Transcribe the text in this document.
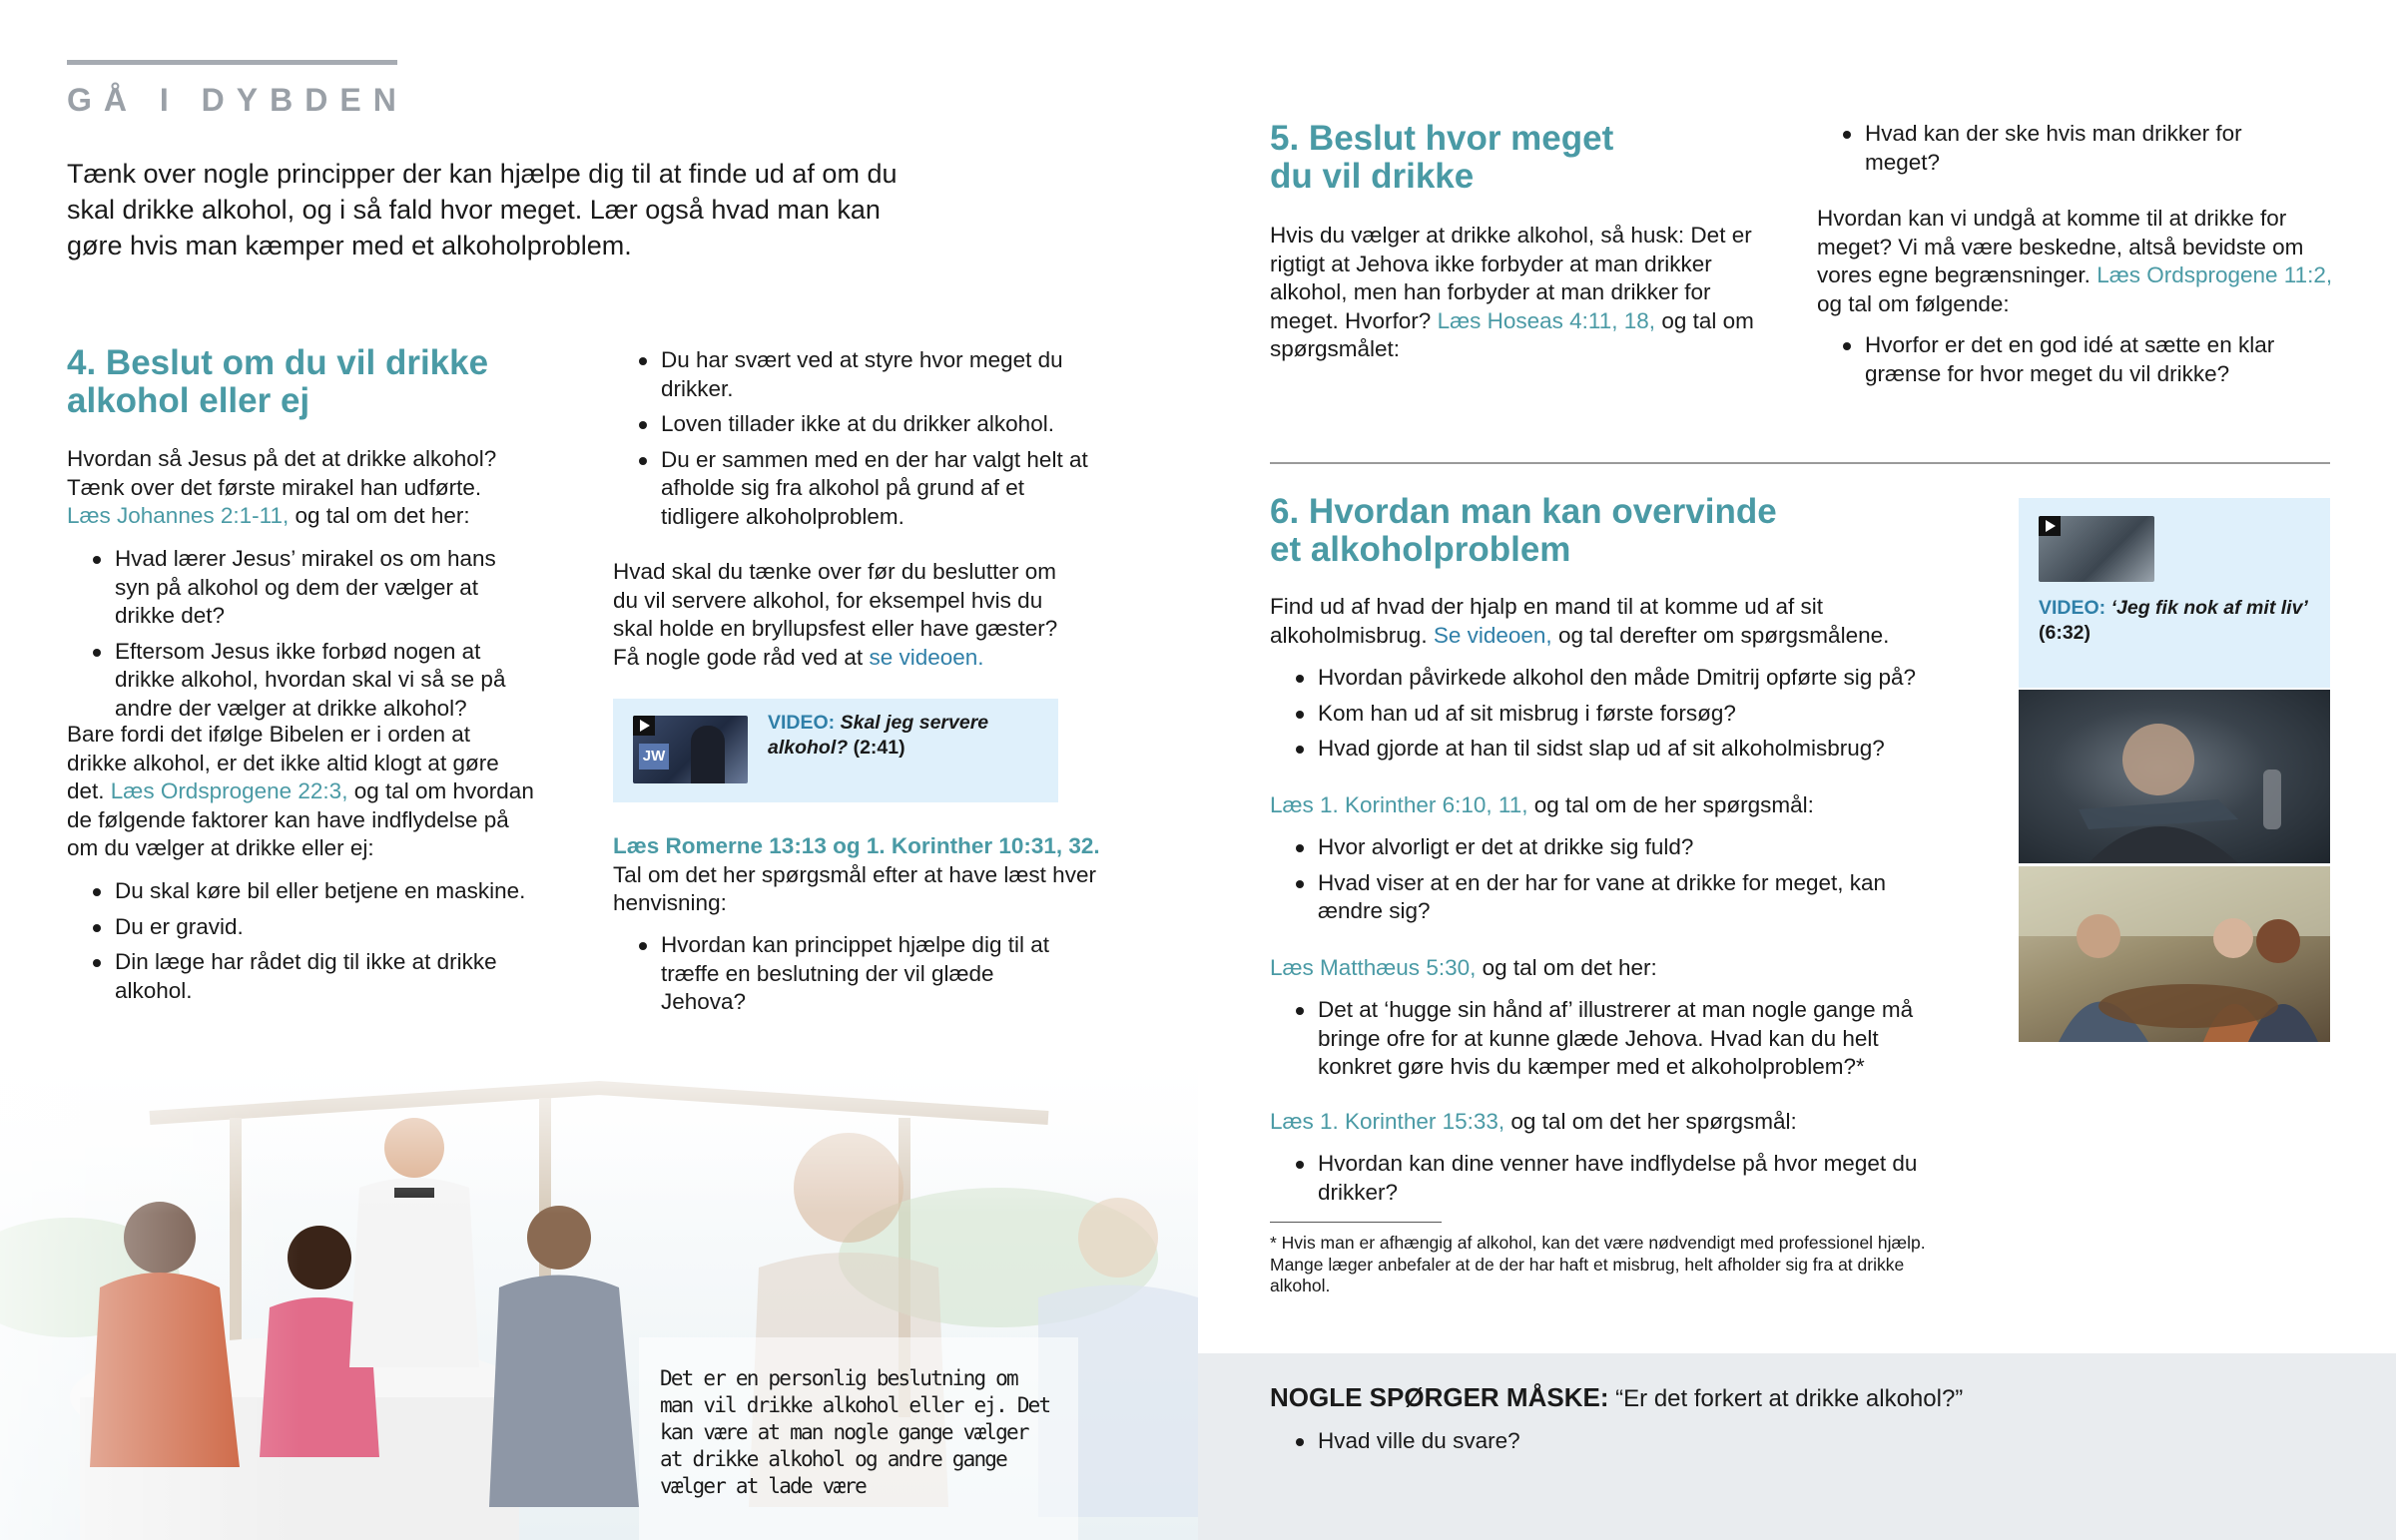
GÅ I DYBDEN

Tænk over nogle principper der kan hjælpe dig til at finde ud af om du skal drikke alkohol, og i så fald hvor meget. Lær også hvad man kan gøre hvis man kæmper med et alkoholproblem.

4. Beslut om du vil drikke
alkohol eller ej

Hvordan så Jesus på det at drikke alkohol? Tænk over det første mirakel han udførte. Læs Johannes 2:1-11, og tal om det her:

Hvad lærer Jesus’ mirakel os om hans syn på alkohol og dem der vælger at drikke det?
Eftersom Jesus ikke forbød nogen at drikke alkohol, hvordan skal vi så se på andre der vælger at drikke alkohol?

Bare fordi det ifølge Bibelen er i orden at drikke alkohol, er det ikke altid klogt at gøre det. Læs Ordsprogene 22:3, og tal om hvordan de følgende faktorer kan have indflydelse på om du vælger at drikke eller ej:

Du skal køre bil eller betjene en maskine.
Du er gravid.
Din læge har rådet dig til ikke at drikke alkohol.
Du har svært ved at styre hvor meget du drikker.
Loven tillader ikke at du drikker alkohol.
Du er sammen med en der har valgt helt at afholde sig fra alkohol på grund af et tidligere alkoholproblem.

Hvad skal du tænke over før du beslutter om du vil servere alkohol, for eksempel hvis du skal holde en bryllupsfest eller have gæster? Få nogle gode råd ved at se videoen.

JW
VIDEO: Skal jeg servere alkohol? (2:41)

Læs Romerne 13:13 og 1. Korinther 10:31, 32.
Tal om det her spørgsmål efter at have læst hver henvisning:

Hvordan kan princippet hjælpe dig til at træffe en beslutning der vil glæde Jehova?

Det er en personlig beslutning om man vil drikke alkohol eller ej. Det kan være at man nogle gange vælger at drikke alkohol og andre gange vælger at lade være

5. Beslut hvor meget
du vil drikke

Hvis du vælger at drikke alkohol, så husk: Det er rigtigt at Jehova ikke forbyder at man drikker alkohol, men han forbyder at man drikker for meget. Hvorfor? Læs Hoseas 4:11, 18, og tal om spørgsmålet:

Hvad kan der ske hvis man drikker for meget?

Hvordan kan vi undgå at komme til at drikke for meget? Vi må være beskedne, altså bevidste om vores egne begrænsninger. Læs Ordsprogene 11:2, og tal om følgende:

Hvorfor er det en god idé at sætte en klar grænse for hvor meget du vil drikke?
6. Hvordan man kan overvinde
et alkoholproblem

Find ud af hvad der hjalp en mand til at komme ud af sit alkoholmisbrug. Se videoen, og tal derefter om spørgsmålene.

Hvordan påvirkede alkohol den måde Dmitrij opførte sig på?
Kom han ud af sit misbrug i første forsøg?
Hvad gjorde at han til sidst slap ud af sit alkoholmisbrug?

Læs 1. Korinther 6:10, 11, og tal om de her spørgsmål:

Hvor alvorligt er det at drikke sig fuld?
Hvad viser at en der har for vane at drikke for meget, kan ændre sig?

Læs Matthæus 5:30, og tal om det her:

Det at ‘hugge sin hånd af’ illustrerer at man nogle gange må bringe ofre for at kunne glæde Jehova. Hvad kan du helt konkret gøre hvis du kæmper med et alkoholproblem?*

Læs 1. Korinther 15:33, og tal om det her spørgsmål:

Hvordan kan dine venner have indflydelse på hvor meget du drikker?

* Hvis man er afhængig af alkohol, kan det være nødvendigt med professionel hjælp. Mange læger anbefaler at de der har haft et misbrug, helt afholder sig fra at drikke alkohol.

VIDEO: ‘Jeg fik nok af mit liv’
(6:32)

NOGLE SPØRGER MÅSKE: “Er det forkert at drikke alkohol?”

Hvad ville du svare?
